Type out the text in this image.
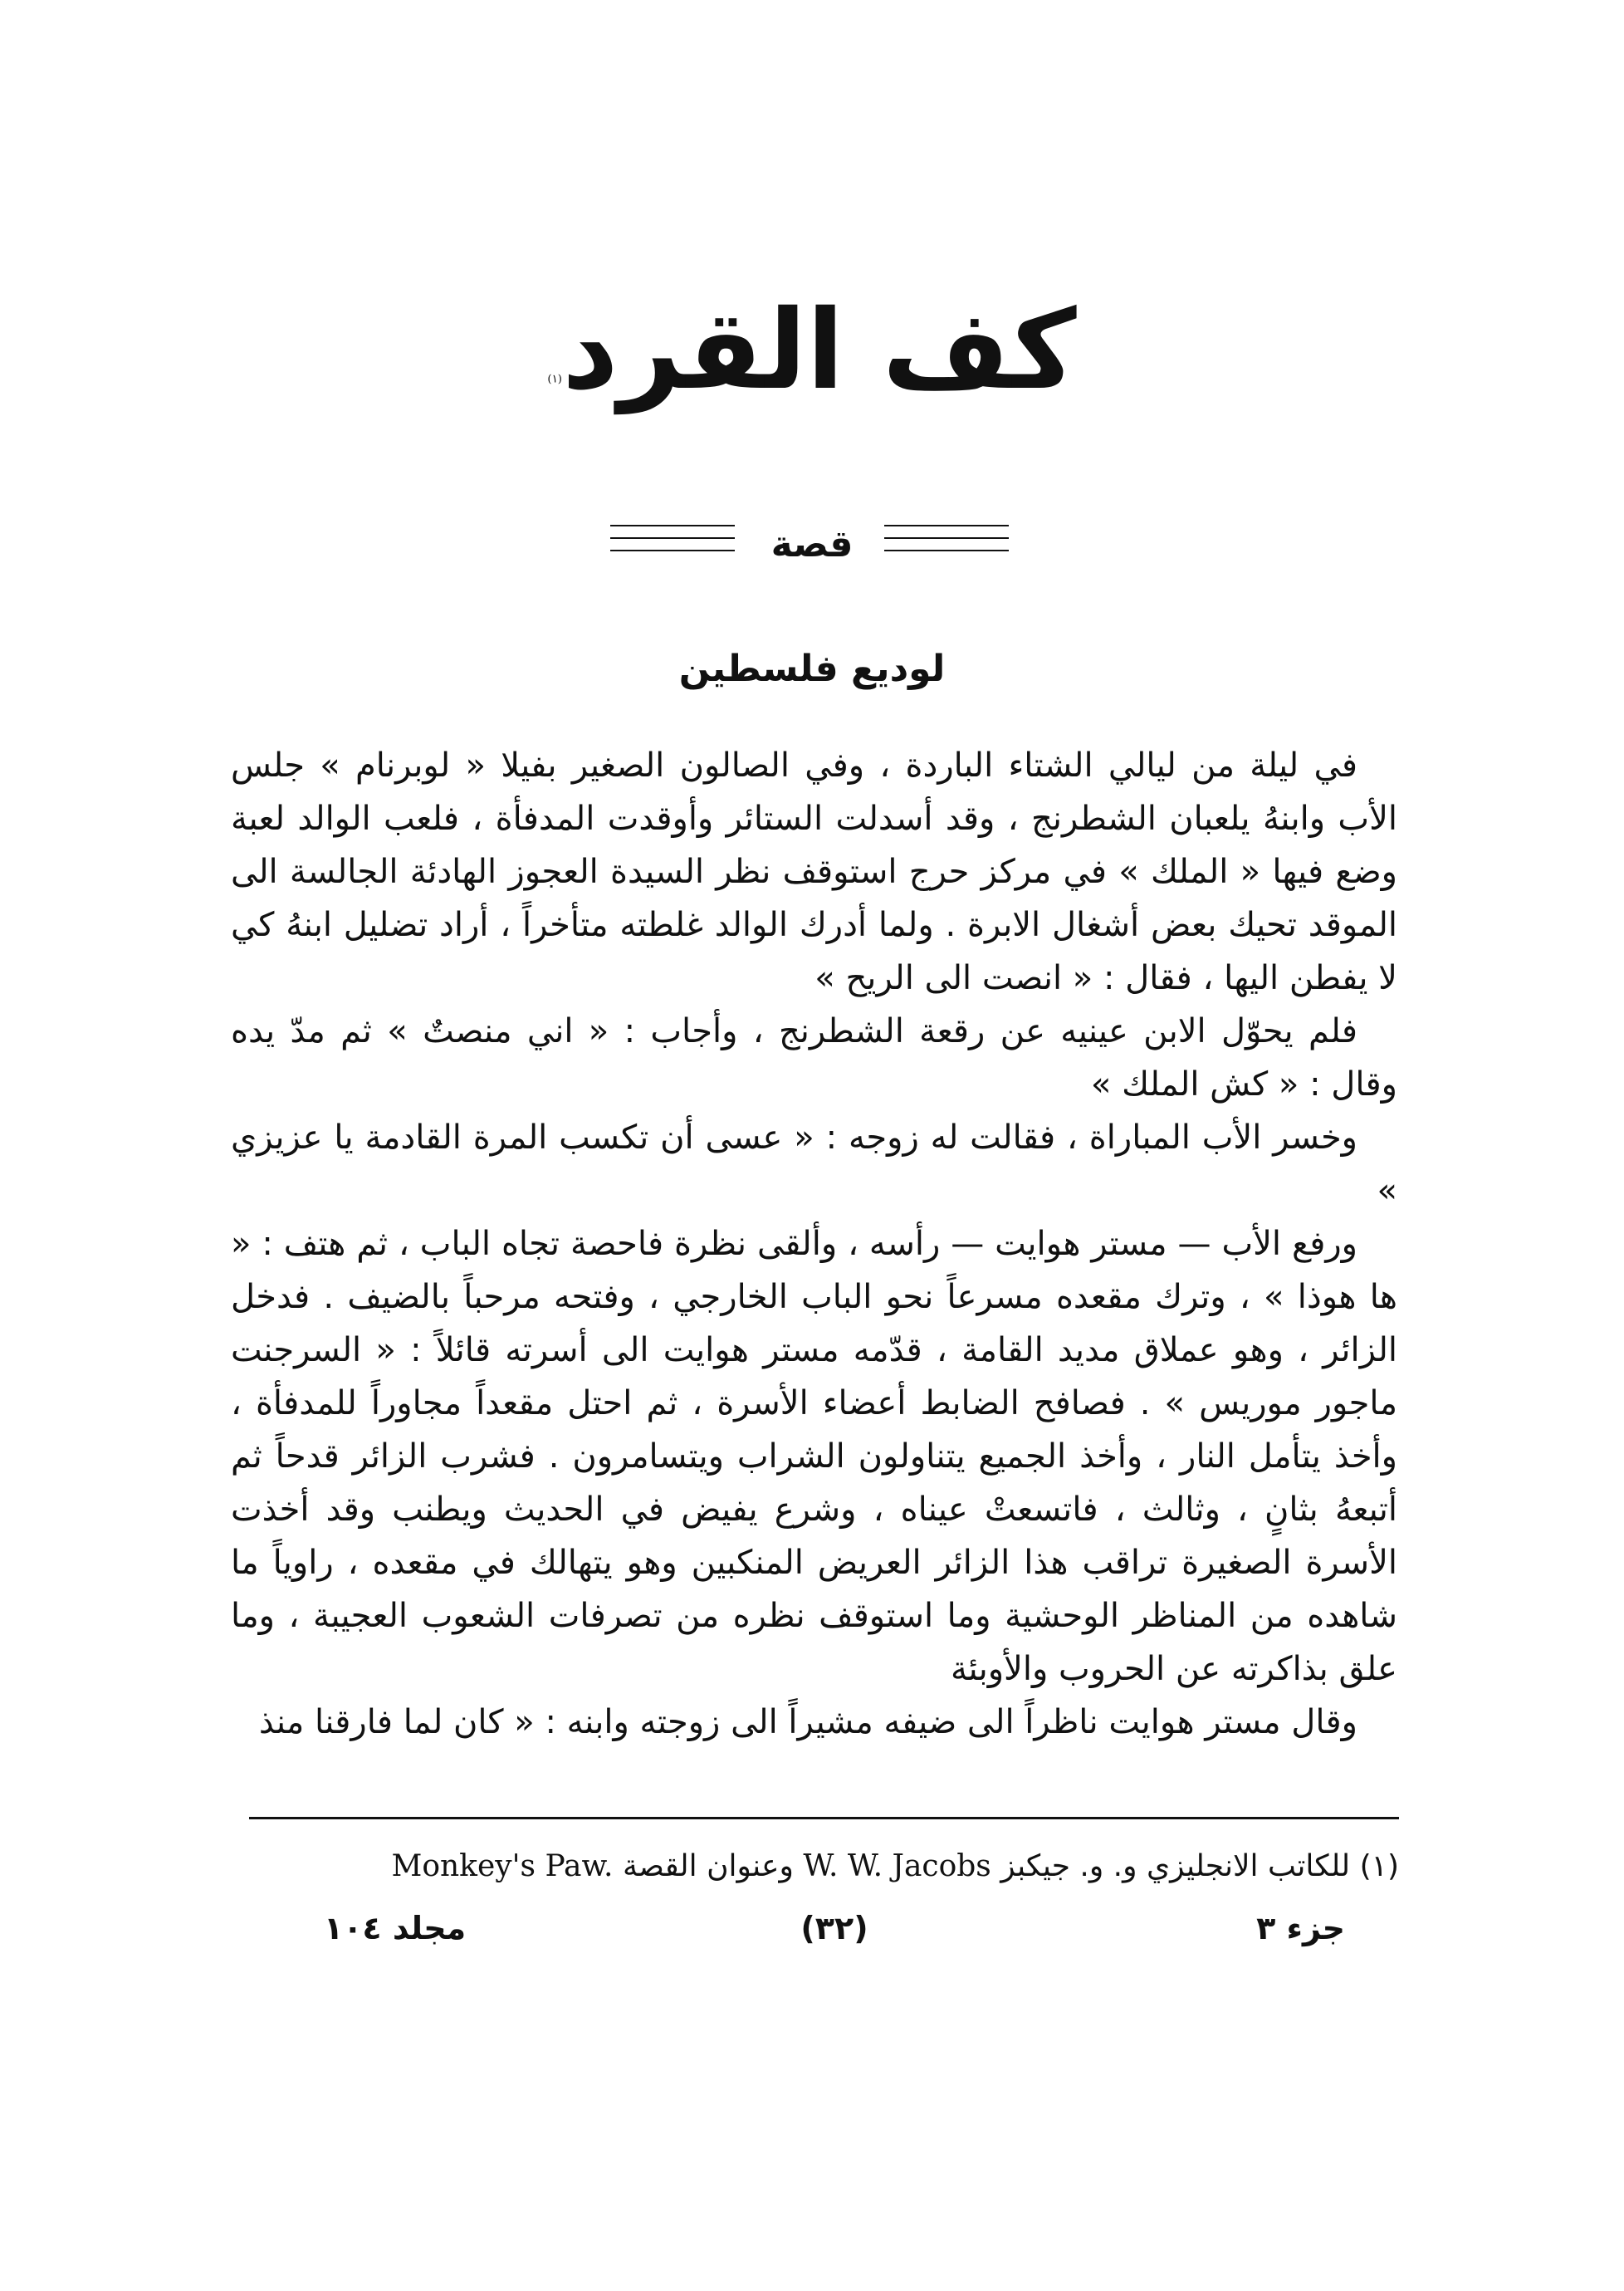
كف القرد$^{(١)}$
قصة
لوديع فلسطين

في ليلة من ليالي الشتاء الباردة ، وفي الصالون الصغير بفيلا « لوبرنام » جلس الأب وابنهُ يلعبان الشطرنج ، وقد أسدلت الستائر وأوقدت المدفأة ، فلعب الوالد لعبة وضع فيها « الملك » في مركز حرج استوقف نظر السيدة العجوز الهادئة الجالسة الى الموقد تحيك بعض أشغال الابرة . ولما أدرك الوالد غلطته متأخراً ، أراد تضليل ابنهُ كي لا يفطن اليها ، فقال : « انصت الى الريح »

فلم يحوّل الابن عينيه عن رقعة الشطرنج ، وأجاب : « اني منصتٌ » ثم مدّ يده وقال : « كش الملك »

وخسر الأب المباراة ، فقالت له زوجه : « عسى أن تكسب المرة القادمة يا عزيزي »

ورفع الأب — مستر هوايت — رأسه ، وألقى نظرة فاحصة تجاه الباب ، ثم هتف : « ها هوذا » ، وترك مقعده مسرعاً نحو الباب الخارجي ، وفتحه مرحباً بالضيف . فدخل الزائر ، وهو عملاق مديد القامة ، قدّمه مستر هوايت الى أسرته قائلاً : « السرجنت ماجور موريس » . فصافح الضابط أعضاء الأسرة ، ثم احتل مقعداً مجاوراً للمدفأة ، وأخذ يتأمل النار ، وأخذ الجميع يتناولون الشراب ويتسامرون . فشرب الزائر قدحاً ثم أتبعهُ بثانٍ ، وثالث ، فاتسعتْ عيناه ، وشرع يفيض في الحديث ويطنب وقد أخذت الأسرة الصغيرة تراقب هذا الزائر العريض المنكبين وهو يتهالك في مقعده ، راوياً ما شاهده من المناظر الوحشية وما استوقف نظره من تصرفات الشعوب العجيبة ، وما علق بذاكرته عن الحروب والأوبئة

وقال مستر هوايت ناظراً الى ضيفه مشيراً الى زوجته وابنه : « كان لما فارقنا منذ

(١) للكاتب الانجليزي و. و. جيكبز W. W. Jacobs وعنوان القصة Monkey's Paw.
مجلد ١٠٤	(٣٢)	جزء ٣
